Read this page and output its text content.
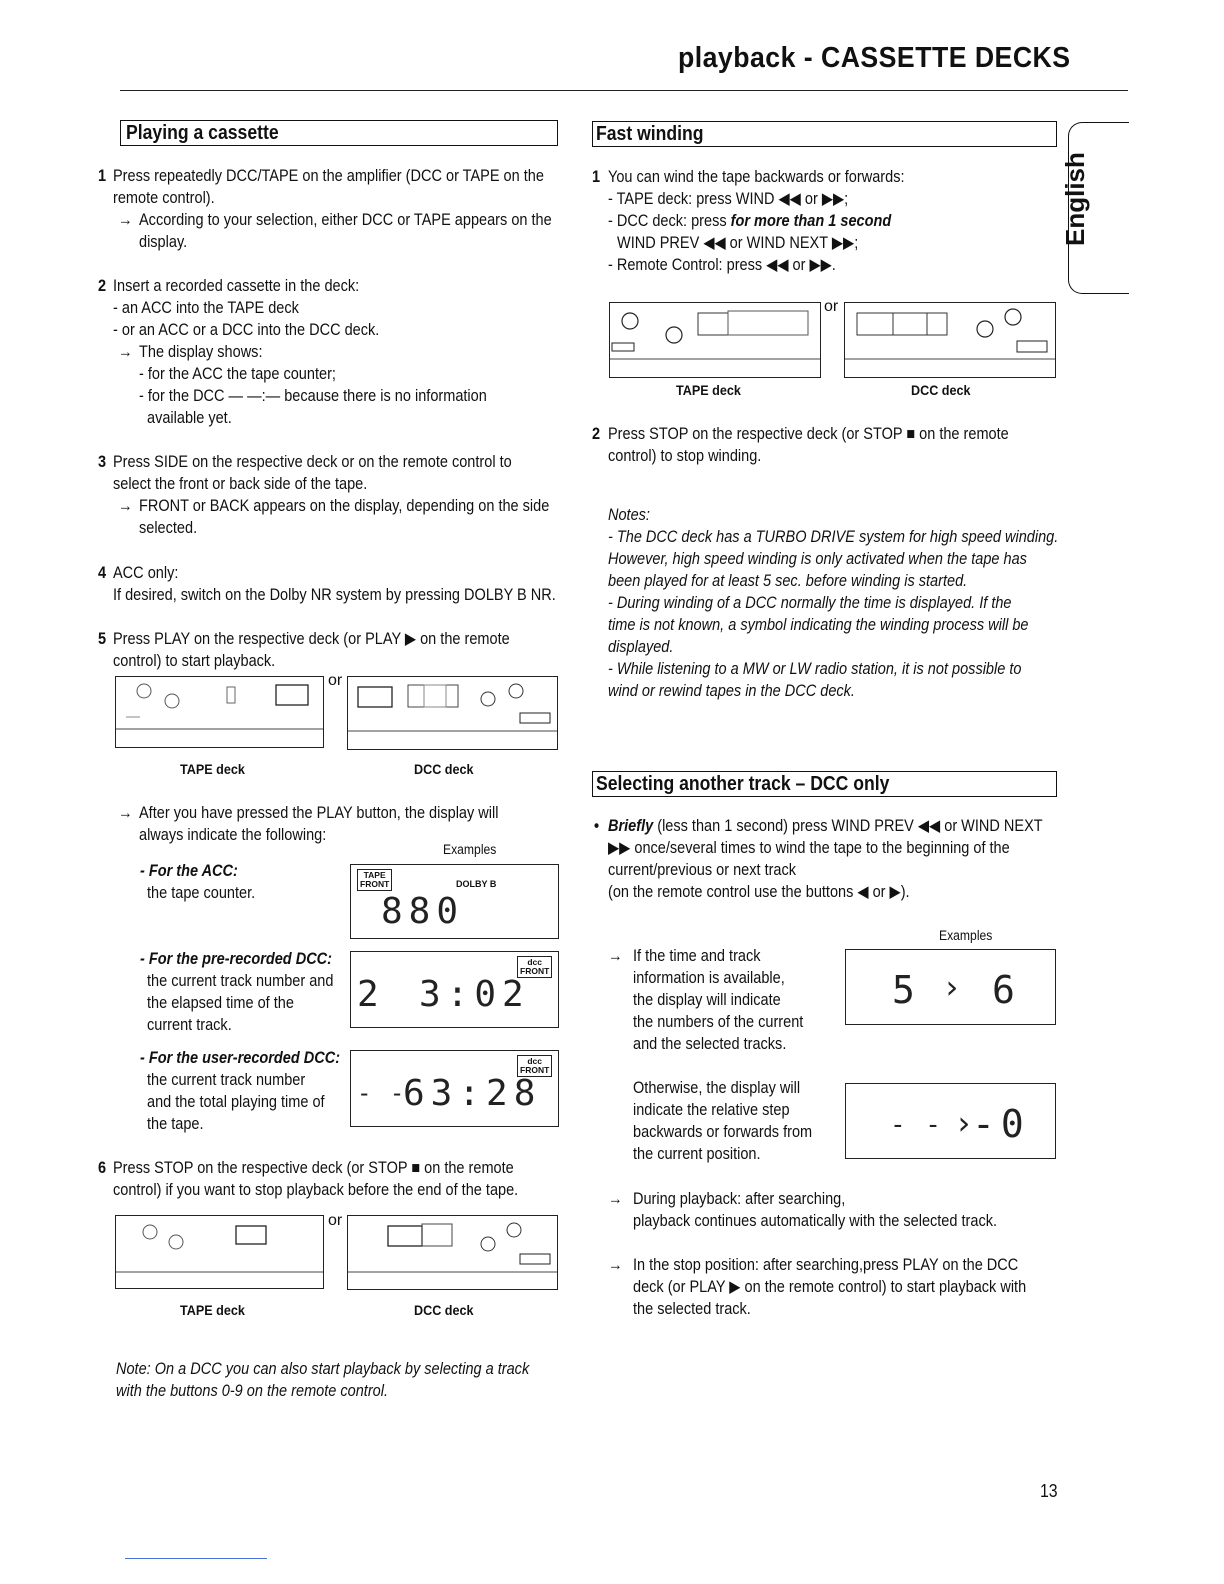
playback - CASSETTE DECKS
English
Playing a cassette
1 Press repeatedly DCC/TAPE on the amplifier (DCC or TAPE on the
remote control).
→ According to your selection, either DCC or TAPE appears on the
display.
2 Insert a recorded cassette in the deck:
- an ACC into the TAPE deck
- or an ACC or a DCC into the DCC deck.
→ The display shows:
- for the ACC the tape counter;
- for the DCC — —:— because there is no information
available yet.
3 Press SIDE on the respective deck or on the remote control to
select the front or back side of the tape.
→ FRONT or BACK appears on the display, depending on the side
selected.
4 ACC only:
If desired, switch on the Dolby NR system by pressing DOLBY B NR.
5 Press PLAY on the respective deck (or PLAY ▶ on the remote
control) to start playback.
or
TAPE deck	DCC deck
→ After you have pressed the PLAY button, the display will
always indicate the following:
Examples
- For the ACC:
the tape counter.
TAPE
FRONT	DOLBY B
880
- For the pre-recorded DCC:
the current track number and
the elapsed time of the
current track.
dcc
FRONT
2 3:02
- For the user-recorded DCC:
the current track number
and the total playing time of
the tape.
dcc
FRONT
- -
63:28
6 Press STOP on the respective deck (or STOP ■ on the remote
control) if you want to stop playback before the end of the tape.
or
TAPE deck	DCC deck
Note: On a DCC you can also start playback by selecting a track
with the buttons 0-9 on the remote control.
Fast winding
1 You can wind the tape backwards or forwards:
- TAPE deck: press WIND ◀◀ or ▶▶;
- DCC deck: press for more than 1 second
WIND PREV ◀◀ or WIND NEXT ▶▶;
- Remote Control: press ◀◀ or ▶▶.
or
TAPE deck	DCC deck
2 Press STOP on the respective deck (or STOP ■ on the remote
control) to stop winding.
Notes:
- The DCC deck has a TURBO DRIVE system for high speed winding.
However, high speed winding is only activated when the tape has
been played for at least 5 sec. before winding is started.
- During winding of a DCC normally the time is displayed. If the
time is not known, a symbol indicating the winding process will be
displayed.
- While listening to a MW or LW radio station, it is not possible to
wind or rewind tapes in the DCC deck.
Selecting another track – DCC only
• Briefly (less than 1 second) press WIND PREV ◀◀ or WIND NEXT
▶▶ once/several times to wind the tape to the beginning of the
current/previous or next track
(on the remote control use the buttons ◀ or ▶).
Examples
→ If the time and track
information is available,
the display will indicate
the numbers of the current
and the selected tracks.
5 › 6
Otherwise, the display will
indicate the relative step
backwards or forwards from
the current position.
- - ›
-0
→ During playback: after searching,
playback continues automatically with the selected track.
→ In the stop position: after searching,press PLAY on the DCC
deck (or PLAY ▶ on the remote control) to start playback with
the selected track.
13
